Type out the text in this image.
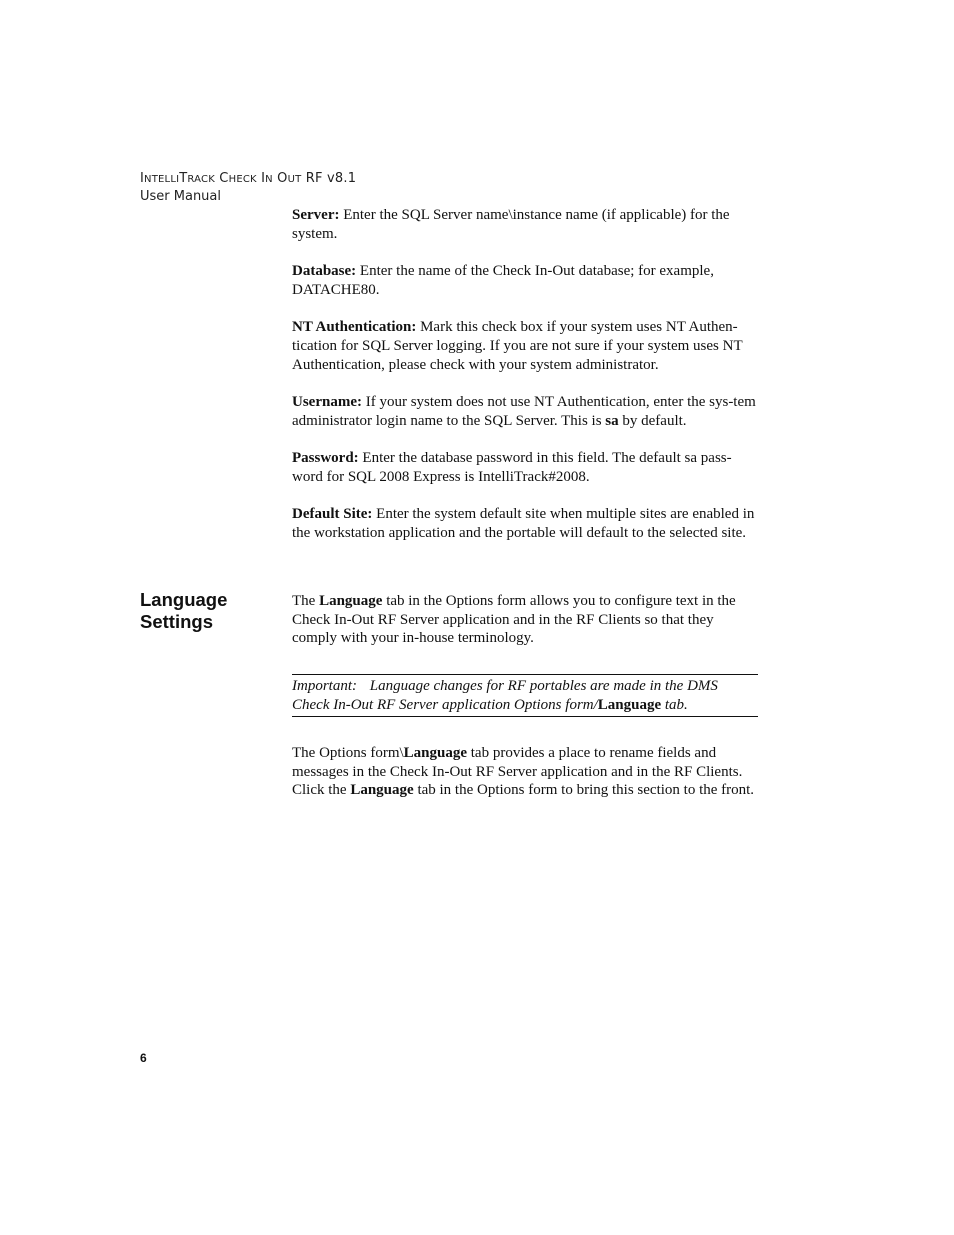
INTELLITRACK CHECK IN OUT RF v8.1
User Manual

Server: Enter the SQL Server name\instance name (if applicable) for the system.

Database: Enter the name of the Check In-Out database; for example, DATACHE80.

NT Authentication: Mark this check box if your system uses NT Authen-tication for SQL Server logging. If you are not sure if your system uses NT Authentication, please check with your system administrator.

Username: If your system does not use NT Authentication, enter the sys-tem administrator login name to the SQL Server. This is sa by default.

Password: Enter the database password in this field. The default sa pass-word for SQL 2008 Express is IntelliTrack#2008.

Default Site: Enter the system default site when multiple sites are enabled in the workstation application and the portable will default to the selected site.

Language
Settings

The Language tab in the Options form allows you to configure text in the Check In-Out RF Server application and in the RF Clients so that they comply with your in-house terminology.

Important: Language changes for RF portables are made in the DMS Check In-Out RF Server application Options form/Language tab.

The Options form\Language tab provides a place to rename fields and messages in the Check In-Out RF Server application and in the RF Clients. Click the Language tab in the Options form to bring this section to the front.

6
